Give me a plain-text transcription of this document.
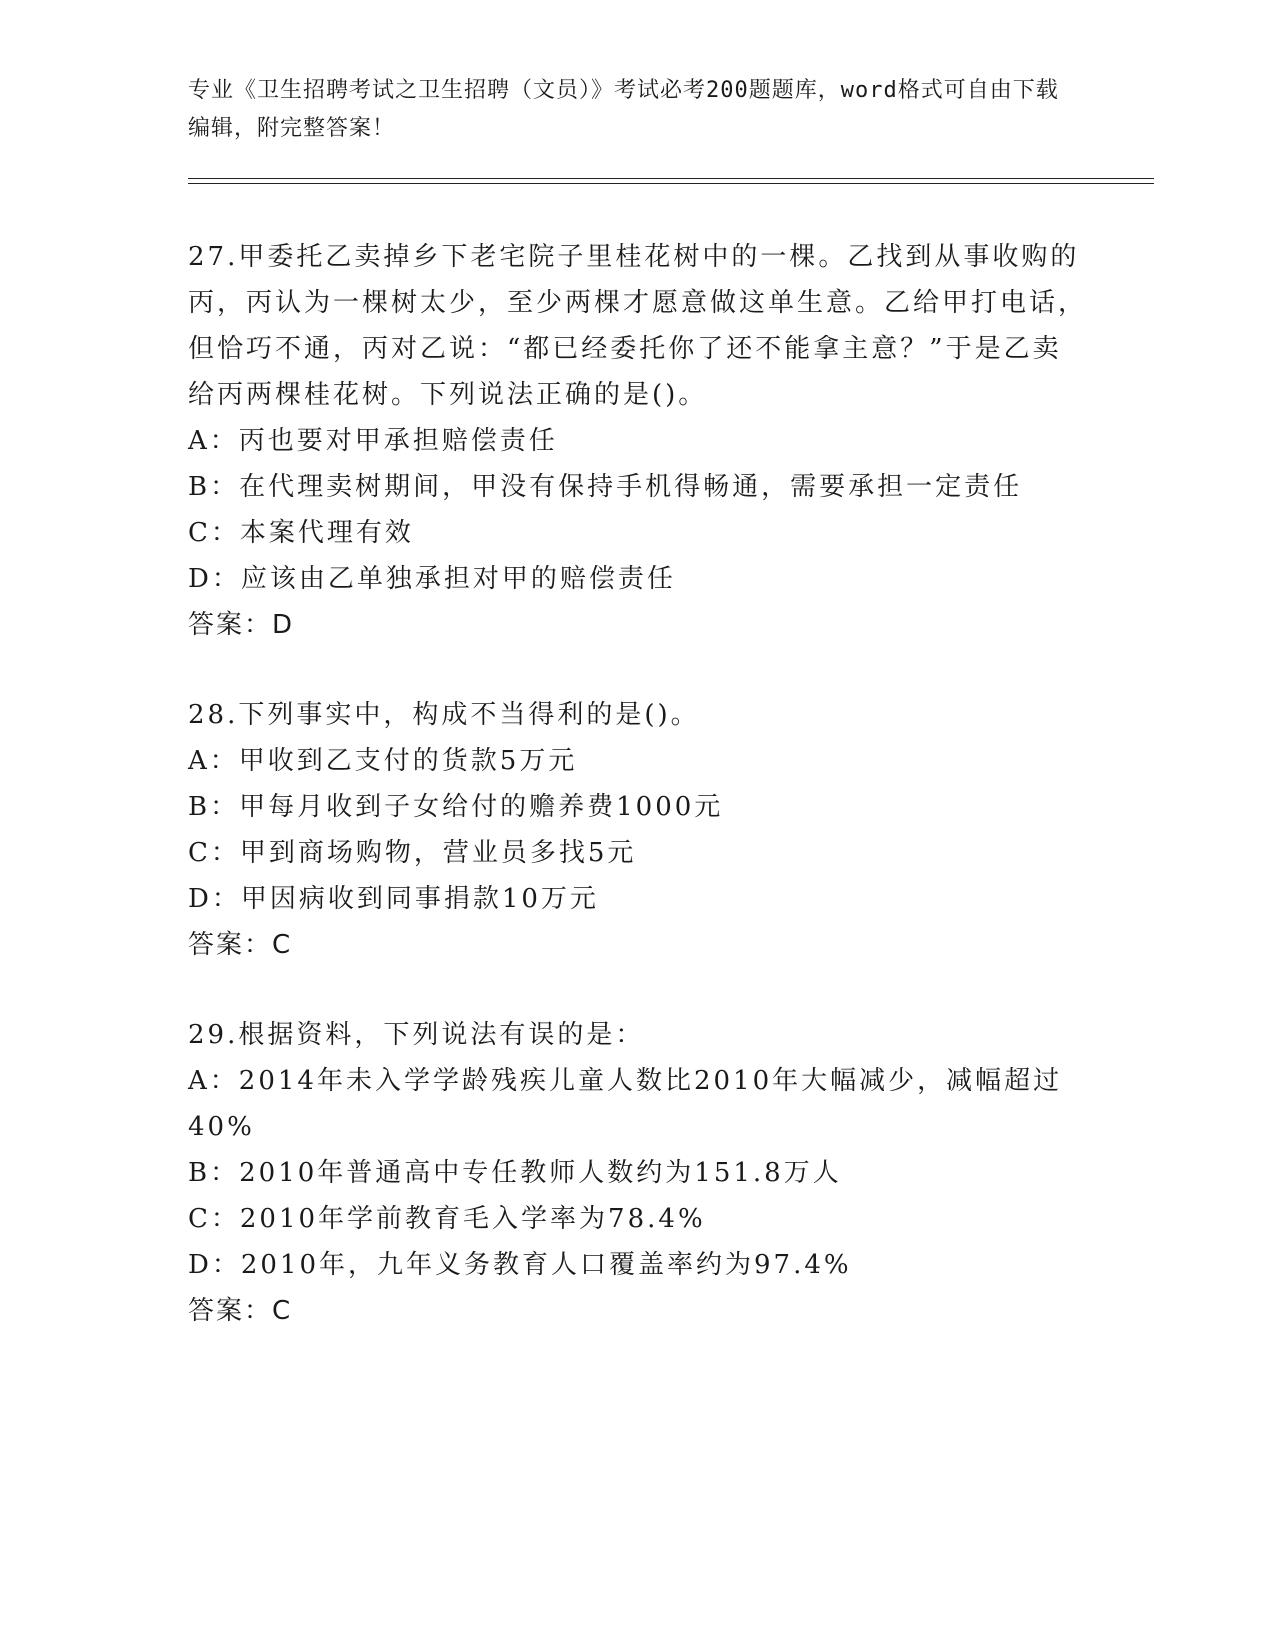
专业《卫生招聘考试之卫生招聘（文员）》考试必考200题题库，word格式可自由下载编辑，附完整答案！

27.甲委托乙卖掉乡下老宅院子里桂花树中的一棵。乙找到从事收购的丙，丙认为一棵树太少，至少两棵才愿意做这单生意。乙给甲打电话，但恰巧不通，丙对乙说：“都已经委托你了还不能拿主意？”于是乙卖给丙两棵桂花树。下列说法正确的是()。

A：丙也要对甲承担赔偿责任

B：在代理卖树期间，甲没有保持手机得畅通，需要承担一定责任

C：本案代理有效

D：应该由乙单独承担对甲的赔偿责任

答案：D

28.下列事实中，构成不当得利的是()。

A：甲收到乙支付的货款5万元

B：甲每月收到子女给付的赡养费1000元

C：甲到商场购物，营业员多找5元

D：甲因病收到同事捐款10万元

答案：C

29.根据资料，下列说法有误的是：

A：2014年未入学学龄残疾儿童人数比2010年大幅减少，减幅超过40%

B：2010年普通高中专任教师人数约为151.8万人

C：2010年学前教育毛入学率为78.4%

D：2010年，九年义务教育人口覆盖率约为97.4%

答案：C
